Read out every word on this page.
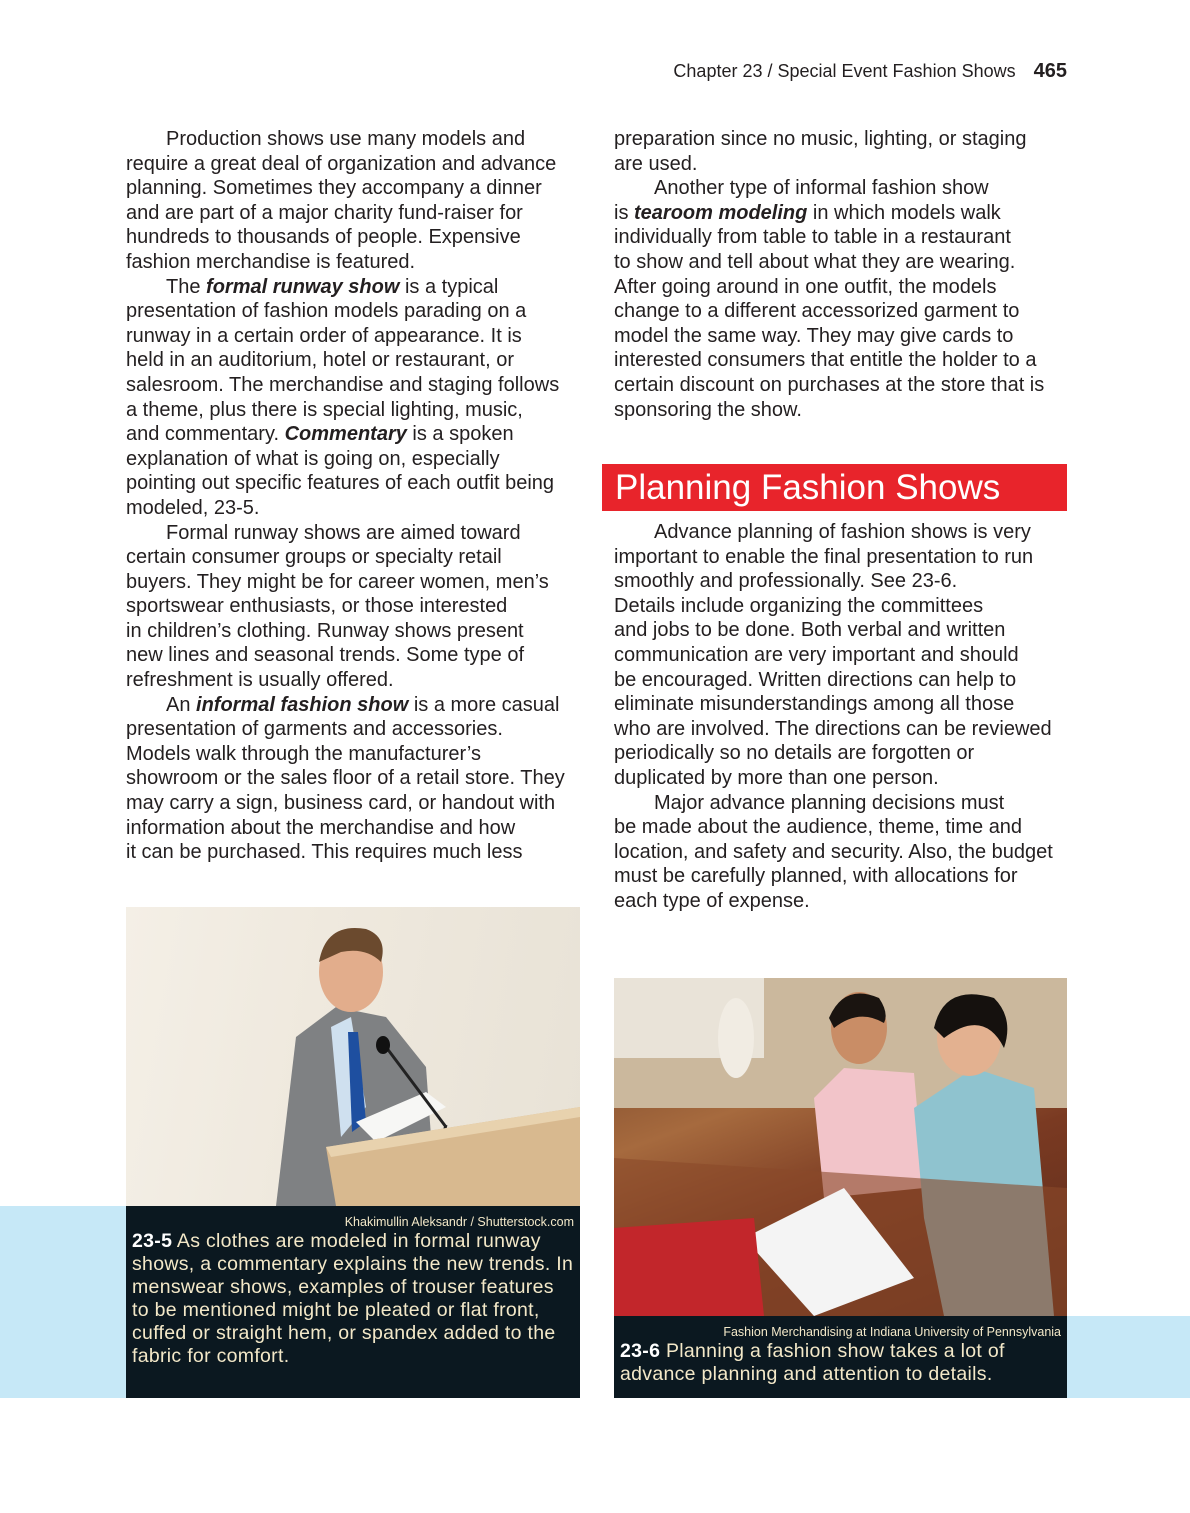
Chapter 23 / Special Event Fashion Shows 465
Production shows use many models and
require a great deal of organization and advance
planning. Sometimes they accompany a dinner
and are part of a major charity fund-raiser for
hundreds to thousands of people. Expensive
fashion merchandise is featured.
The formal runway show is a typical
presentation of fashion models parading on a
runway in a certain order of appearance. It is
held in an auditorium, hotel or restaurant, or
salesroom. The merchandise and staging follows
a theme, plus there is special lighting, music,
and commentary. Commentary is a spoken
explanation of what is going on, especially
pointing out specific features of each outfit being
modeled, 23-5.
Formal runway shows are aimed toward
certain consumer groups or specialty retail
buyers. They might be for career women, men’s
sportswear enthusiasts, or those interested
in children’s clothing. Runway shows present
new lines and seasonal trends. Some type of
refreshment is usually offered.
An informal fashion show is a more casual
presentation of garments and accessories.
Models walk through the manufacturer’s
showroom or the sales floor of a retail store. They
may carry a sign, business card, or handout with
information about the merchandise and how
it can be purchased. This requires much less
preparation since no music, lighting, or staging
are used.
Another type of informal fashion show
is tearoom modeling in which models walk
individually from table to table in a restaurant
to show and tell about what they are wearing.
After going around in one outfit, the models
change to a different accessorized garment to
model the same way. They may give cards to
interested consumers that entitle the holder to a
certain discount on purchases at the store that is
sponsoring the show.
Planning Fashion Shows
Advance planning of fashion shows is very
important to enable the final presentation to run
smoothly and professionally. See 23-6.
Details include organizing the committees
and jobs to be done. Both verbal and written
communication are very important and should
be encouraged. Written directions can help to
eliminate misunderstandings among all those
who are involved. The directions can be reviewed
periodically so no details are forgotten or
duplicated by more than one person.
Major advance planning decisions must
be made about the audience, theme, time and
location, and safety and security. Also, the budget
must be carefully planned, with allocations for
each type of expense.
Khakimullin Aleksandr / Shutterstock.com
23-5 As clothes are modeled in formal runway shows, a commentary explains the new trends. In menswear shows, examples of trouser features to be mentioned might be pleated or flat front, cuffed or straight hem, or spandex added to the fabric for comfort.
Fashion Merchandising at Indiana University of Pennsylvania
23-6 Planning a fashion show takes a lot of advance planning and attention to details.
